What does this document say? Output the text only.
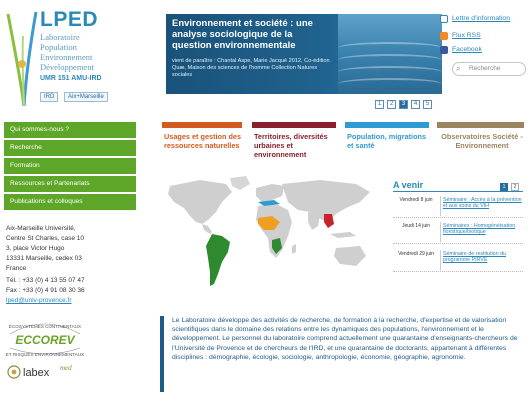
LPED
Laboratoire
Population
Environnement
Développement
UMR 151 AMU-IRD
IRD	Aix+Marseille
Environnement et société : une analyse sociologique de la question environnementale
vient de paraître : Chantal Aspe, Marie Jacqué 2012, Co-édition Quæ, Maison des sciences de l'homme Collection Natures sociales
1	2	3	4	5
Lettre d'information
Flux RSS
Facebook
Recherche
⌕
Usages et gestion des ressources naturelles
Territoires, diversités urbaines et environnement
Population, migrations et santé
Observatoires Société - Environnement
Qui sommes-nous ?
Recherche
Formation
Ressources et Partenariats
Publications et colloques
Aix-Marseille Université,
Centre St Charles, case 10
3, place Victor Hugo
13331 Marseille, cedex 03
France
Tél. : +33 (0) 4 13 55 07 47
Fax : +33 (0) 4 91 08 30 36
lped@univ-provence.fr
A venir	1	2
Vendredi 8 juin	Séminaire : Accès à la prévention et aux soins du VIH
Jeudi 14 juin	Séminaires : Homogénéisation floristique/biotique
Vendredi 29 juin	Séminaire de restitution du programme PIRVE
Le Laboratoire développe des activités de recherche, de formation à la recherche, d'expertise et de valorisation scientifiques dans le domaine des relations entre les dynamiques des populations, l'environnement et le développement. Le personnel du laboratoire comprend actuellement une quarantaine d'enseignants-chercheurs de l'Université de Provence et de chercheurs de l'IRD, et une quarantaine de doctorants, appartenant à différentes disciplines : démographie, écologie, sociologie, anthropologie, économie, géographie, agronomie.
ÉCOSYSTÈMES CONTINENTAUX
ECCOREV
ET RISQUES ENVIRONNEMENTAUX
labex med
